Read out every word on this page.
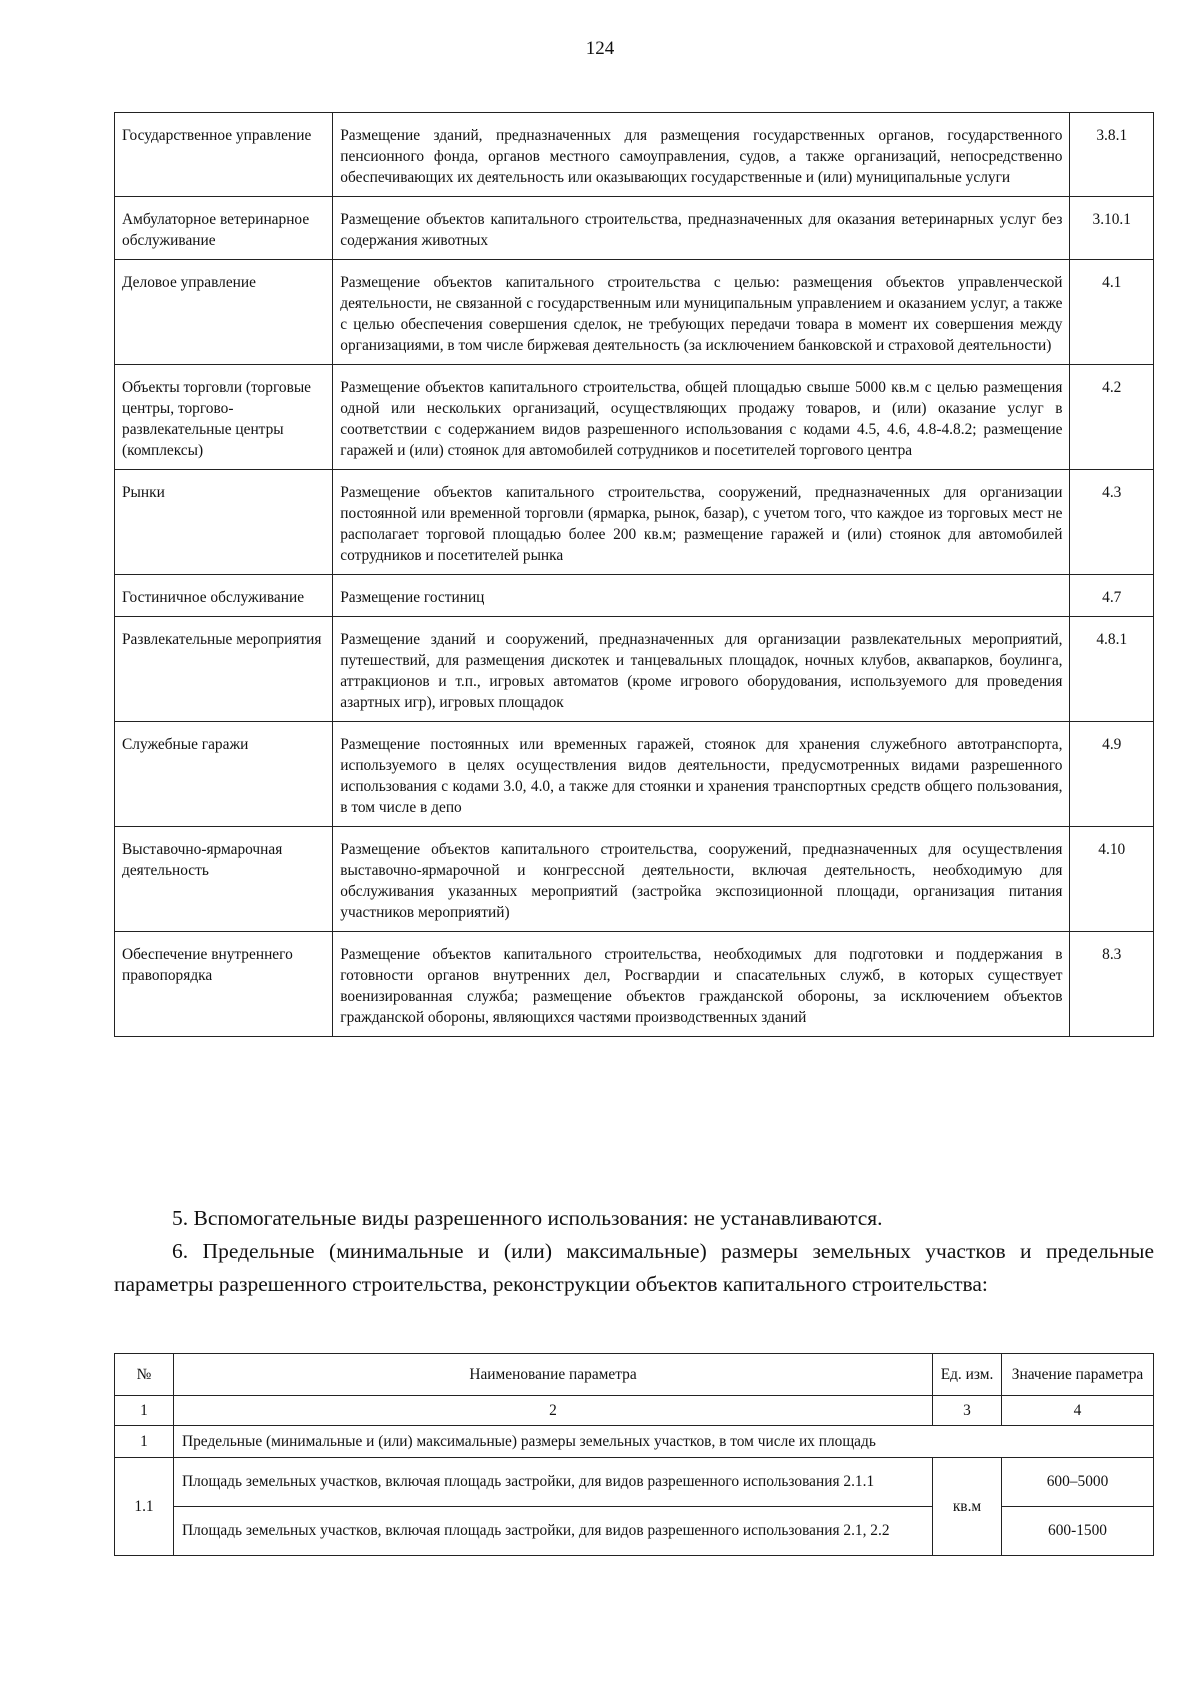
124
Государственное управление	Размещение зданий, предназначенных для размещения государственных органов, государственного пенсионного фонда, органов местного самоуправления, судов, а также организаций, непосредственно обеспечивающих их деятельность или оказывающих государственные и (или) муниципальные услуги	3.8.1
Амбулаторное ветеринарное обслуживание	Размещение объектов капитального строительства, предназначенных для оказания ветеринарных услуг без содержания животных	3.10.1
Деловое управление	Размещение объектов капитального строительства с целью: размещения объектов управленческой деятельности, не связанной с государственным или муниципальным управлением и оказанием услуг, а также с целью обеспечения совершения сделок, не требующих передачи товара в момент их совершения между организациями, в том числе биржевая деятельность (за исключением банковской и страховой деятельности)	4.1
Объекты торговли (торговые центры, торгово-развлекательные центры (комплексы)	Размещение объектов капитального строительства, общей площадью свыше 5000 кв.м с целью размещения одной или нескольких организаций, осуществляющих продажу товаров, и (или) оказание услуг в соответствии с содержанием видов разрешенного использования с кодами 4.5, 4.6, 4.8-4.8.2; размещение гаражей и (или) стоянок для автомобилей сотрудников и посетителей торгового центра	4.2
Рынки	Размещение объектов капитального строительства, сооружений, предназначенных для организации постоянной или временной торговли (ярмарка, рынок, базар), с учетом того, что каждое из торговых мест не располагает торговой площадью более 200 кв.м; размещение гаражей и (или) стоянок для автомобилей сотрудников и посетителей рынка	4.3
Гостиничное обслуживание	Размещение гостиниц	4.7
Развлекательные мероприятия	Размещение зданий и сооружений, предназначенных для организации развлекательных мероприятий, путешествий, для размещения дискотек и танцевальных площадок, ночных клубов, аквапарков, боулинга, аттракционов и т.п., игровых автоматов (кроме игрового оборудования, используемого для проведения азартных игр), игровых площадок	4.8.1
Служебные гаражи	Размещение постоянных или временных гаражей, стоянок для хранения служебного автотранспорта, используемого в целях осуществления видов деятельности, предусмотренных видами разрешенного использования с кодами 3.0, 4.0, а также для стоянки и хранения транспортных средств общего пользования, в том числе в депо	4.9
Выставочно-ярмарочная деятельность	Размещение объектов капитального строительства, сооружений, предназначенных для осуществления выставочно-ярмарочной и конгрессной деятельности, включая деятельность, необходимую для обслуживания указанных мероприятий (застройка экспозиционной площади, организация питания участников мероприятий)	4.10
Обеспечение внутреннего правопорядка	Размещение объектов капитального строительства, необходимых для подготовки и поддержания в готовности органов внутренних дел, Росгвардии и спасательных служб, в которых существует военизированная служба; размещение объектов гражданской обороны, за исключением объектов гражданской обороны, являющихся частями производственных зданий	8.3

5. Вспомогательные виды разрешенного использования: не устанавливаются.

6. Предельные (минимальные и (или) максимальные) размеры земельных участков и предельные параметры разрешенного строительства, реконструкции объектов капитального строительства:

№	Наименование параметра	Ед. изм.	Значение параметра
1	2	3	4
1	Предельные (минимальные и (или) максимальные) размеры земельных участков, в том числе их площадь		
1.1	Площадь земельных участков, включая площадь застройки, для видов разрешенного использования 2.1.1	кв.м	600–5000
	Площадь земельных участков, включая площадь застройки, для видов разрешенного использования 2.1, 2.2		600-1500
